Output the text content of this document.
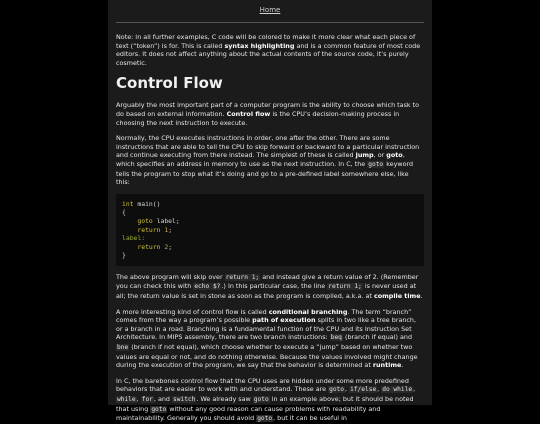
Home

Note: In all further examples, C code will be colored to make it more clear what each piece of text (“token”) is for. This is called syntax highlighting and is a common feature of most code editors. It does not affect anything about the actual contents of the source code, it’s purely cosmetic.

Control Flow

Arguably the most important part of a computer program is the ability to choose which task to do based on external information. Control flow is the CPU’s decision-making process in choosing the next instruction to execute.

Normally, the CPU executes instructions in order, one after the other. There are some instructions that are able to tell the CPU to skip forward or backward to a particular instruction and continue executing from there instead. The simplest of these is called jump, or goto, which specifies an address in memory to use as the next instruction. In C, the goto keyword tells the program to stop what it’s doing and go to a pre-defined label somewhere else, like this:

int main()
{
goto label;
return 1;
label:
return 2;
}

The above program will skip over return 1; and instead give a return value of 2. (Remember you can check this with echo $?.) In this particular case, the line return 1; is never used at all; the return value is set in stone as soon as the program is compiled, a.k.a. at compile time.

A more interesting kind of control flow is called conditional branching. The term “branch” comes from the way a program’s possible path of execution splits in two like a tree branch, or a branch in a road. Branching is a fundamental function of the CPU and its Instruction Set Architecture. In MIPS assembly, there are two branch instructions: beq (branch if equal) and bne (branch if not equal), which choose whether to execute a “jump” based on whether two values are equal or not, and do nothing otherwise. Because the values involved might change during the execution of the program, we say that the behavior is determined at runtime.

In C, the barebones control flow that the CPU uses are hidden under some more predefined behaviors that are easier to work with and understand. These are goto, if/else, do while, while, for, and switch. We already saw goto in an example above; but it should be noted that using goto without any good reason can cause problems with readability and maintainability. Generally you should avoid goto, but it can be useful in
